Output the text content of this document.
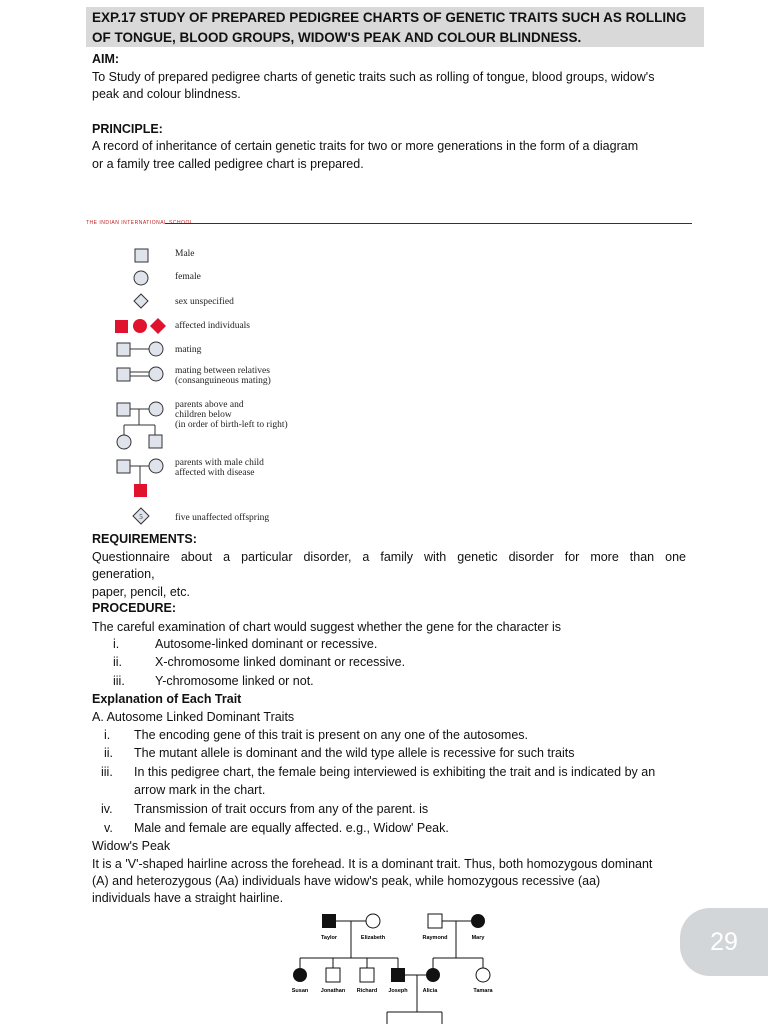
EXP.17 STUDY OF PREPARED PEDIGREE CHARTS OF GENETIC TRAITS SUCH AS ROLLING
OF TONGUE, BLOOD GROUPS, WIDOW'S PEAK AND COLOUR BLINDNESS.
AIM:
To Study of prepared pedigree charts of genetic traits such as rolling of tongue, blood groups, widow's
peak and colour blindness.
PRINCIPLE:
A record of inheritance of certain genetic traits for two or more generations in the form of a diagram
or a family tree called pedigree chart is prepared.
THE INDIAN INTERNATIONAL SCHOOL
5
Male
female
sex unspecified
affected individuals
mating
mating between relatives
(consanguineous mating)
parents above and
children below
(in order of birth-left to right)
parents with male child
affected with disease
five unaffected offspring
REQUIREMENTS:
Questionnaire about a particular disorder, a family with genetic disorder for more than one
generation,
paper, pencil, etc.
PROCEDURE:
The careful examination of chart would suggest whether the gene for the character is
i.	Autosome-linked dominant or recessive.
ii.	X-chromosome linked dominant or recessive.
iii. Y-chromosome linked or not.
Explanation of Each Trait
A. Autosome Linked Dominant Traits
i. The encoding gene of this trait is present on any one of the autosomes.
ii. The mutant allele is dominant and the wild type allele is recessive for such traits
iii. In this pedigree chart, the female being interviewed is exhibiting the trait and is indicated by an
arrow mark in the chart.
iv. Transmission of trait occurs from any of the parent. is
v. Male and female are equally affected. e.g., Widow' Peak.
Widow's Peak
It is a 'V'-shaped hairline across the forehead. It is a dominant trait. Thus, both homozygous dominant
(A) and heterozygous (Aa) individuals have widow's peak, while homozygous recessive (aa)
individuals have a straight hairline.
Taylor	Elizabeth	Raymond	Mary
Susan Jonathan Richard Joseph	Alicia	Tamara
29
